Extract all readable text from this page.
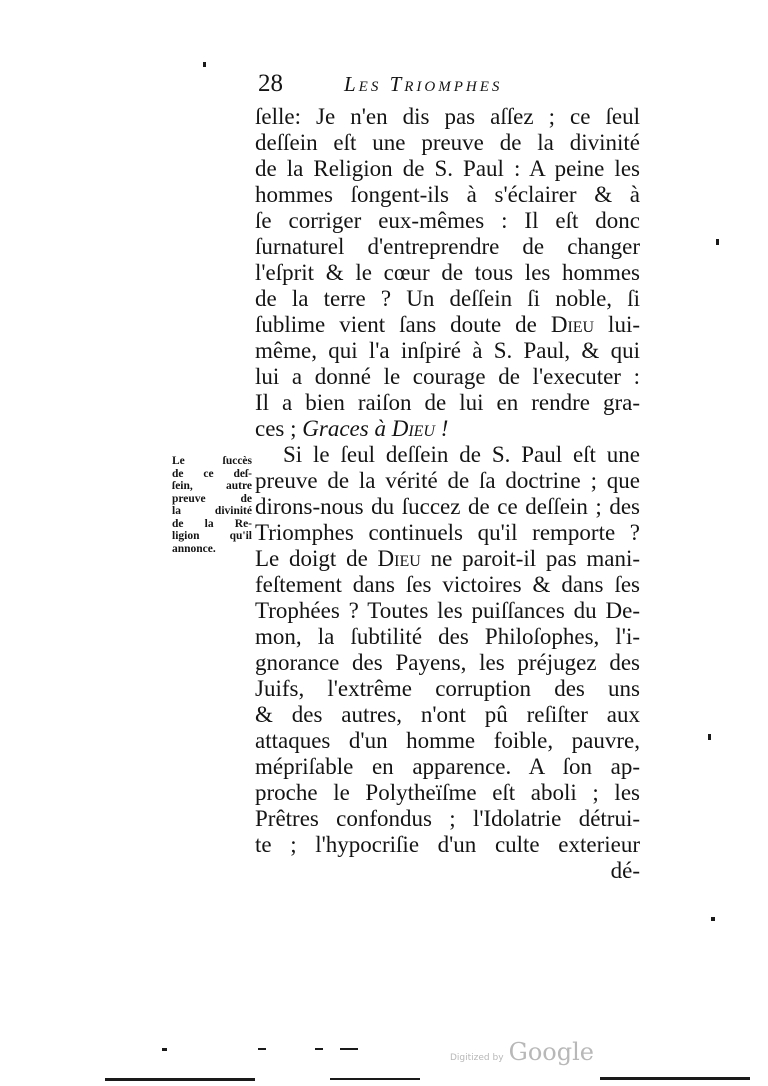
28	Les Triomphes
ſelle: Je n'en dis pas aſſez ; ce ſeul
deſſein eſt une preuve de la divinité
de la Religion de S. Paul : A peine les
hommes ſongent-ils à s'éclairer & à
ſe corriger eux-mêmes : Il eſt donc
ſurnaturel d'entreprendre de changer
l'eſprit & le cœur de tous les hommes
de la terre ? Un deſſein ſi noble, ſi
ſublime vient ſans doute de Dieu lui-
même, qui l'a inſpiré à S. Paul, & qui
lui a donné le courage de l'executer :
Il a bien raiſon de lui en rendre gra-
ces ; Graces à Dieu !
Si le ſeul deſſein de S. Paul eſt une
preuve de la vérité de ſa doctrine ; que
dirons-nous du ſuccez de ce deſſein ; des
Triomphes continuels qu'il remporte ?
Le doigt de Dieu ne paroit-il pas mani-
feſtement dans ſes victoires & dans ſes
Trophées ? Toutes les puiſſances du De-
mon, la ſubtilité des Philoſophes, l'i-
gnorance des Payens, les préjugez des
Juifs, l'extrême corruption des uns
& des autres, n'ont pû reſiſter aux
attaques d'un homme foible, pauvre,
mépriſable en apparence. A ſon ap-
proche le Polytheïſme eſt aboli ; les
Prêtres confondus ; l'Idolatrie détrui-
te ; l'hypocriſie d'un culte exterieur
dé-
Le ſuccès
de ce deſ-
ſein, autre
preuve de
la divinité
de la Re-
ligion qu'il
annonce.
Digitized by Google
